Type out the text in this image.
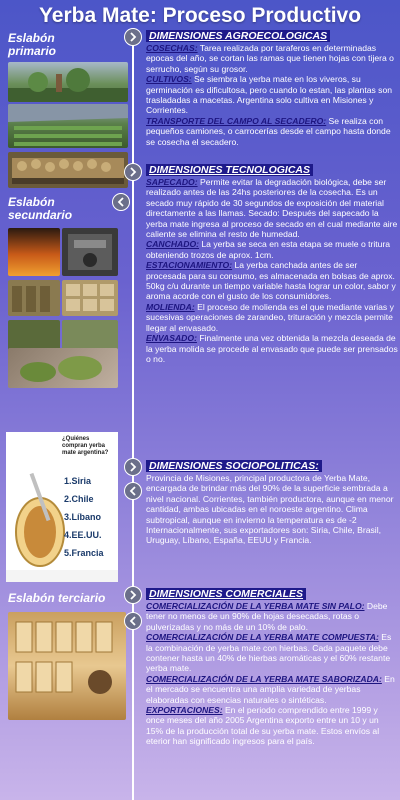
Yerba Mate: Proceso Productivo
Eslabón primario
Eslabón secundario
Eslabón terciario
¿Quiénes compran yerba mate argentina?
1.Siria
2.Chile
3.Líbano
4.EE.UU.
5.Francia
DIMENSIONES AGROECOLOGICAS
COSECHAS: Tarea realizada por taraferos en determinadas epocas del año, se cortan las ramas que tienen hojas con tijera o serrucho, según su grosor.
CULTIVOS: Se siembra la yerba mate en los viveros, su germinación es dificultosa, pero cuando lo estan, las plantas son trasladadas a macetas. Argentina solo cultiva en Misiones y Corrientes.
TRANSPORTE DEL CAMPO AL SECADERO: Se realiza con pequeños camiones, o carrocerías desde el campo hasta donde se cosecha el secadero.
DIMENSIONES TECNOLOGICAS
SAPECADO: Permite evitar la degradación biológica, debe ser realizado antes de las 24hs posteriores de la cosecha. Es un secado muy rápido de 30 segundos de exposición del material directamente a las llamas. Secado: Después del sapecado la yerba mate ingresa al proceso de secado en el cual mediante aire caliente se elimina el resto de humedad.
CANCHADO: La yerba se seca en esta etapa se muele o tritura obteniendo trozos de aprox. 1cm.
ESTACIONAMIENTO: La yerba canchada antes de ser procesada para su consumo, es almacenada en bolsas de aprox. 50kg c/u durante un tiempo variable hasta lograr un color, sabor y aroma acorde con el gusto de los consumidores.
MOLIENDA: El proceso de molienda es el que mediante varias y sucesivas operaciones de zarandeo, trituración y mezcla permite llegar al envasado.
ENVASADO: Finalmente una vez obtenida la mezcla deseada de la yerba molida se procede al envasado que puede ser prensados o no.
DIMENSIONES SOCIOPOLITICAS:
Provincia de Misiones, principal productora de Yerba Mate, encargada de brindar más del 90% de la superficie sembrada a nivel nacional. Corrientes, también productora, aunque en menor cantidad, ambas ubicadas en el noroeste argentino. Clima subtropical, aunque en invierno la temperatura es de -2 Internacionalmente, sus exportadores son: Siria, Chile, Brasil, Uruguay, Líbano, España, EEUU y Francia.
DIMENSIONES COMERCIALES
COMERCIALIZACIÓN DE LA YERBA MATE SIN PALO: Debe tener no menos de un 90% de hojas desecadas, rotas o pulverizadas y no más de un 10% de palo.
COMERCIALIZACIÓN DE LA YERBA MATE COMPUESTA: Es la combinación de yerba mate con hierbas. Cada paquete debe contener hasta un 40% de hierbas aromáticas y el 60% restante yerba mate.
COMERCIALIZACIÓN DE LA YERBA MATE SABORIZADA: En el mercado se encuentra una amplia variedad de yerbas elaboradas con esencias naturales o sintéticas.
EXPORTACIONES: En el periodo comprendido entre 1999 y once meses del año 2005 Argentina exporto entre un 10 y un 15% de la producción total de su yerba mate. Estos envíos al eterior han significado ingresos para el país.
